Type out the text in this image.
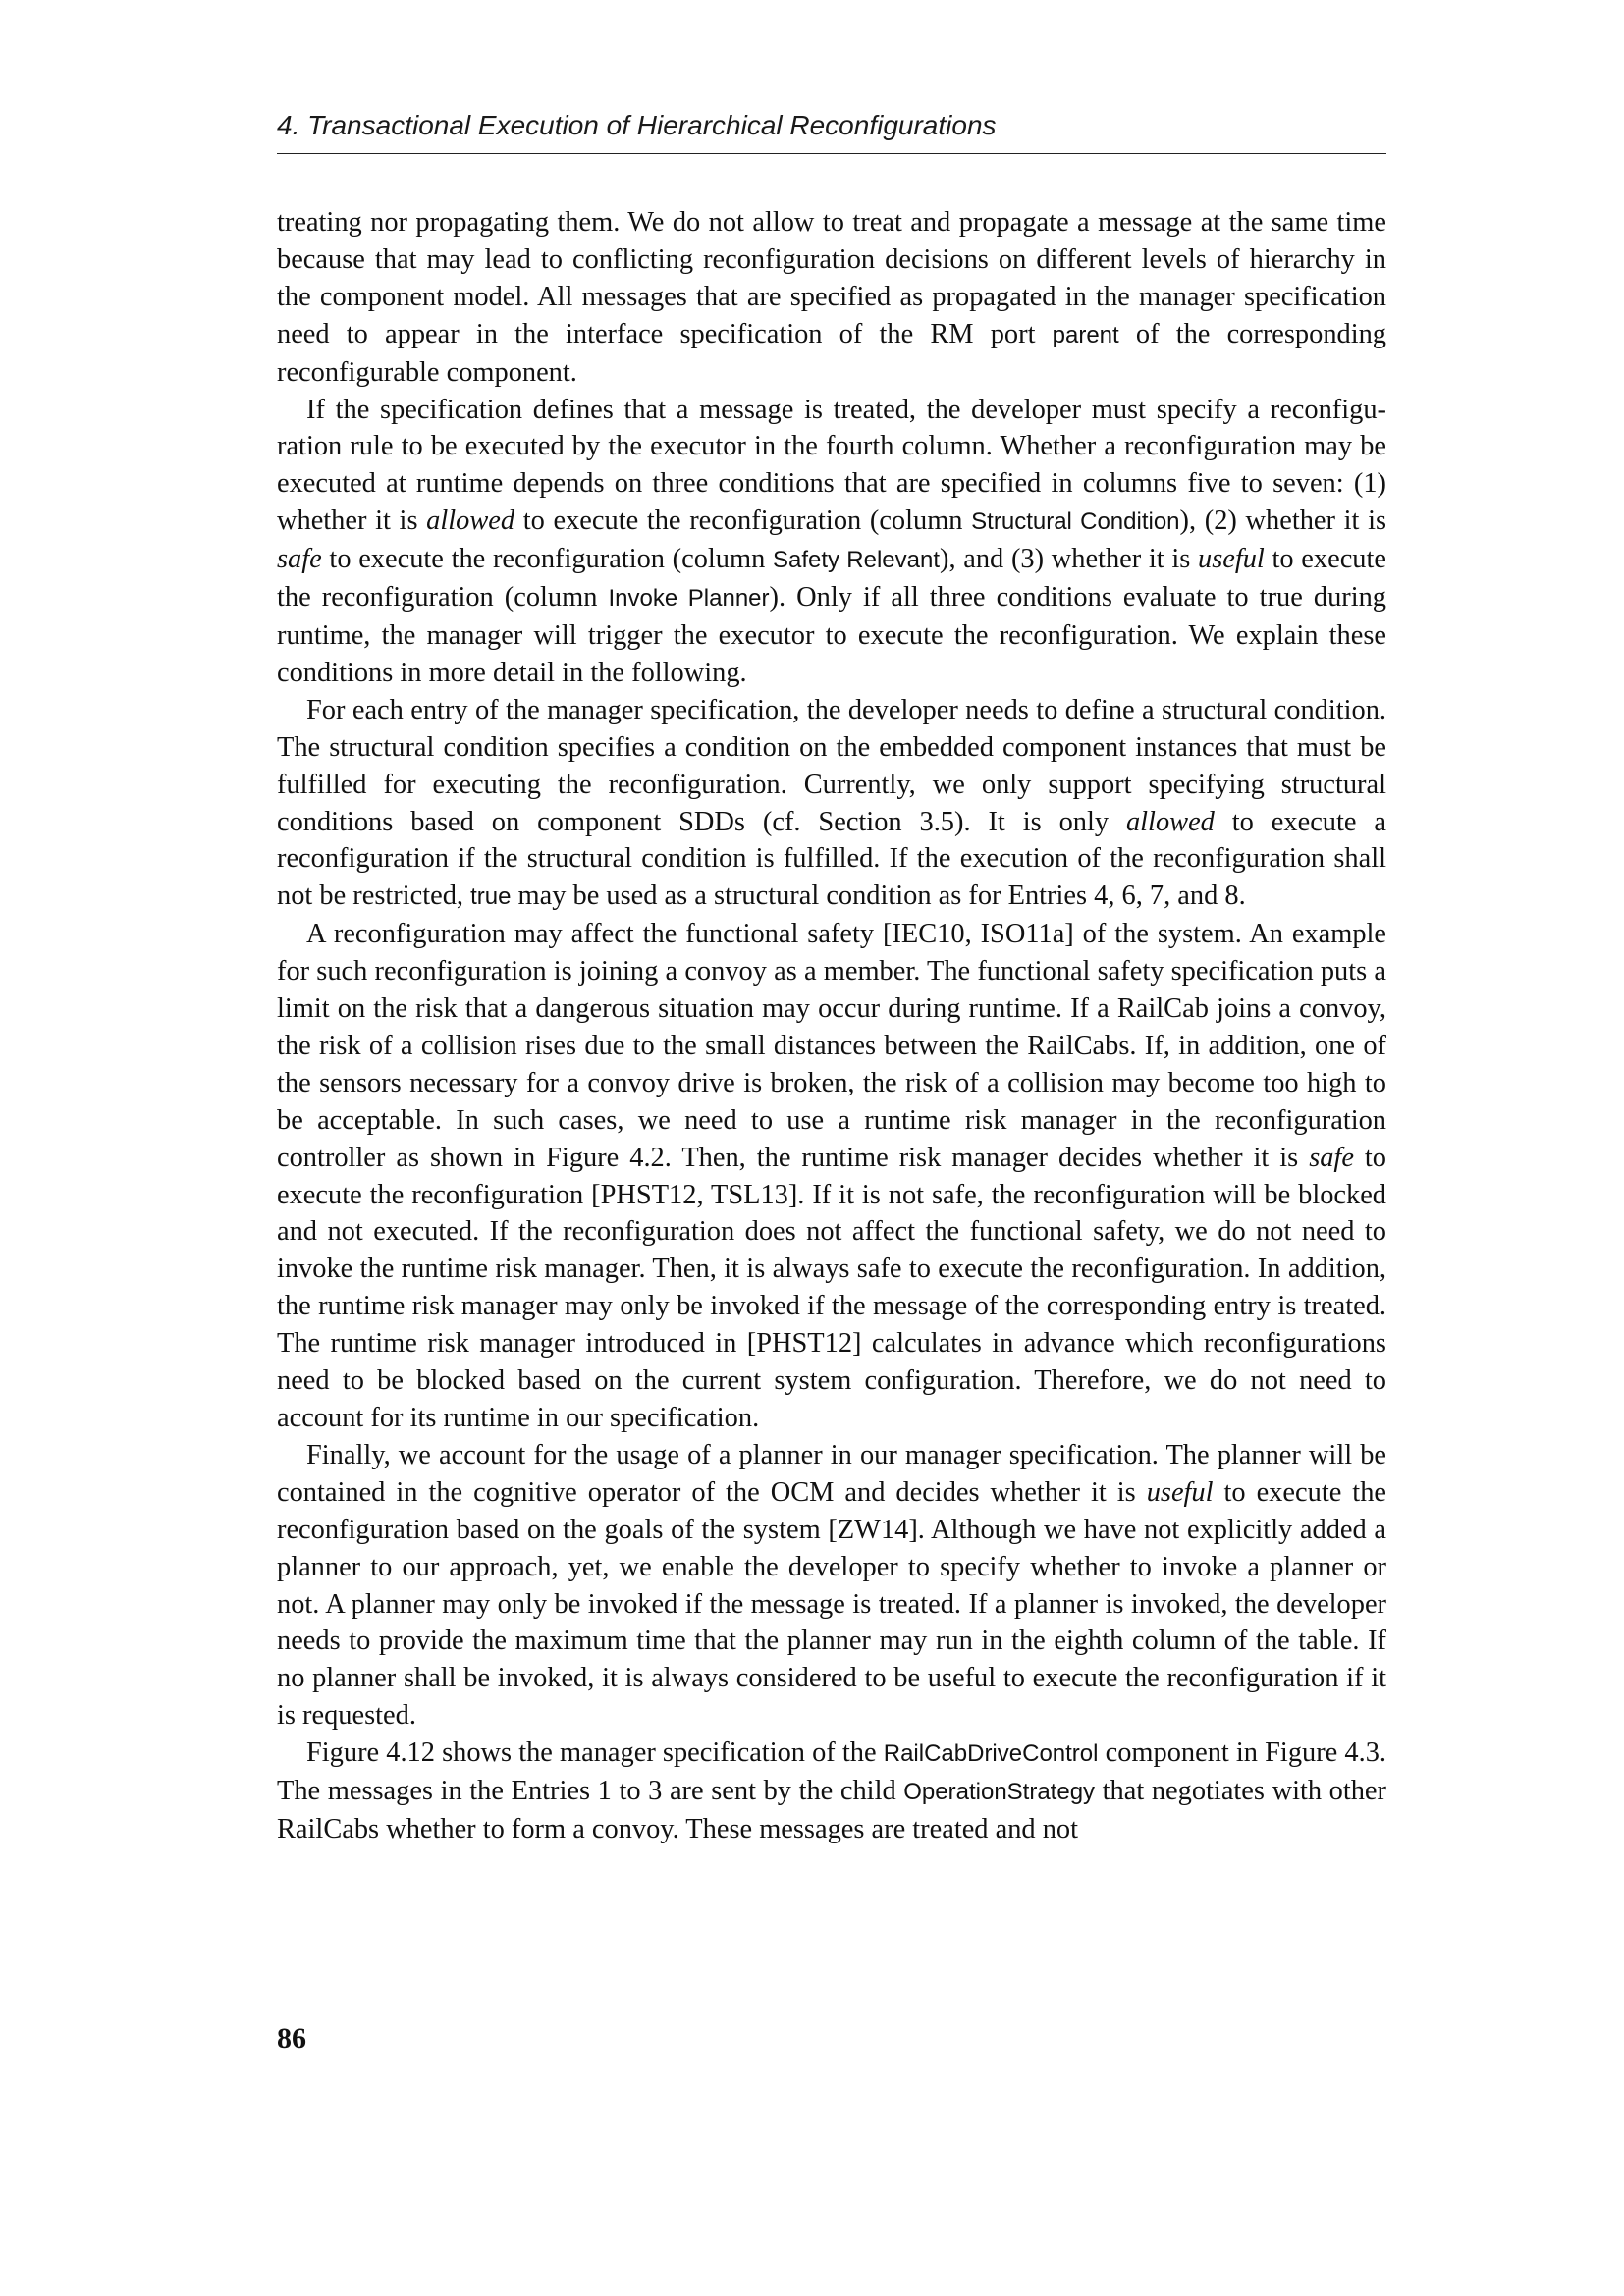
4. Transactional Execution of Hierarchical Reconfigurations

treating nor propagating them. We do not allow to treat and propagate a message at the same time because that may lead to conflicting reconfiguration decisions on different levels of hierarchy in the component model. All messages that are specified as propagated in the manager specification need to appear in the interface specification of the RM port parent of the corresponding reconfigurable component.

If the specification defines that a message is treated, the developer must specify a reconfiguration rule to be executed by the executor in the fourth column. Whether a reconfiguration may be executed at runtime depends on three conditions that are specified in columns five to seven: (1) whether it is allowed to execute the reconfiguration (column Structural Condition), (2) whether it is safe to execute the reconfiguration (column Safety Relevant), and (3) whether it is useful to execute the reconfiguration (column Invoke Planner). Only if all three conditions evaluate to true during runtime, the manager will trigger the executor to execute the reconfiguration. We explain these conditions in more detail in the following.

For each entry of the manager specification, the developer needs to define a structural condition. The structural condition specifies a condition on the embedded component instances that must be fulfilled for executing the reconfiguration. Currently, we only support specifying structural conditions based on component SDDs (cf. Section 3.5). It is only allowed to execute a reconfiguration if the structural condition is fulfilled. If the execution of the reconfiguration shall not be restricted, true may be used as a structural condition as for Entries 4, 6, 7, and 8.

A reconfiguration may affect the functional safety [IEC10, ISO11a] of the system. An example for such reconfiguration is joining a convoy as a member. The functional safety specification puts a limit on the risk that a dangerous situation may occur during runtime. If a RailCab joins a convoy, the risk of a collision rises due to the small distances between the RailCabs. If, in addition, one of the sensors necessary for a convoy drive is broken, the risk of a collision may become too high to be acceptable. In such cases, we need to use a runtime risk manager in the reconfiguration controller as shown in Figure 4.2. Then, the runtime risk manager decides whether it is safe to execute the reconfiguration [PHST12, TSL13]. If it is not safe, the reconfiguration will be blocked and not executed. If the reconfiguration does not affect the functional safety, we do not need to invoke the runtime risk manager. Then, it is always safe to execute the reconfiguration. In addition, the runtime risk manager may only be invoked if the message of the corresponding entry is treated. The runtime risk manager introduced in [PHST12] calculates in advance which reconfigurations need to be blocked based on the current system configuration. Therefore, we do not need to account for its runtime in our specification.

Finally, we account for the usage of a planner in our manager specification. The planner will be contained in the cognitive operator of the OCM and decides whether it is useful to execute the reconfiguration based on the goals of the system [ZW14]. Although we have not explicitly added a planner to our approach, yet, we enable the developer to specify whether to invoke a planner or not. A planner may only be invoked if the message is treated. If a planner is invoked, the developer needs to provide the maximum time that the planner may run in the eighth column of the table. If no planner shall be invoked, it is always considered to be useful to execute the reconfiguration if it is requested.

Figure 4.12 shows the manager specification of the RailCabDriveControl component in Figure 4.3. The messages in the Entries 1 to 3 are sent by the child OperationStrategy that negotiates with other RailCabs whether to form a convoy. These messages are treated and not

86
